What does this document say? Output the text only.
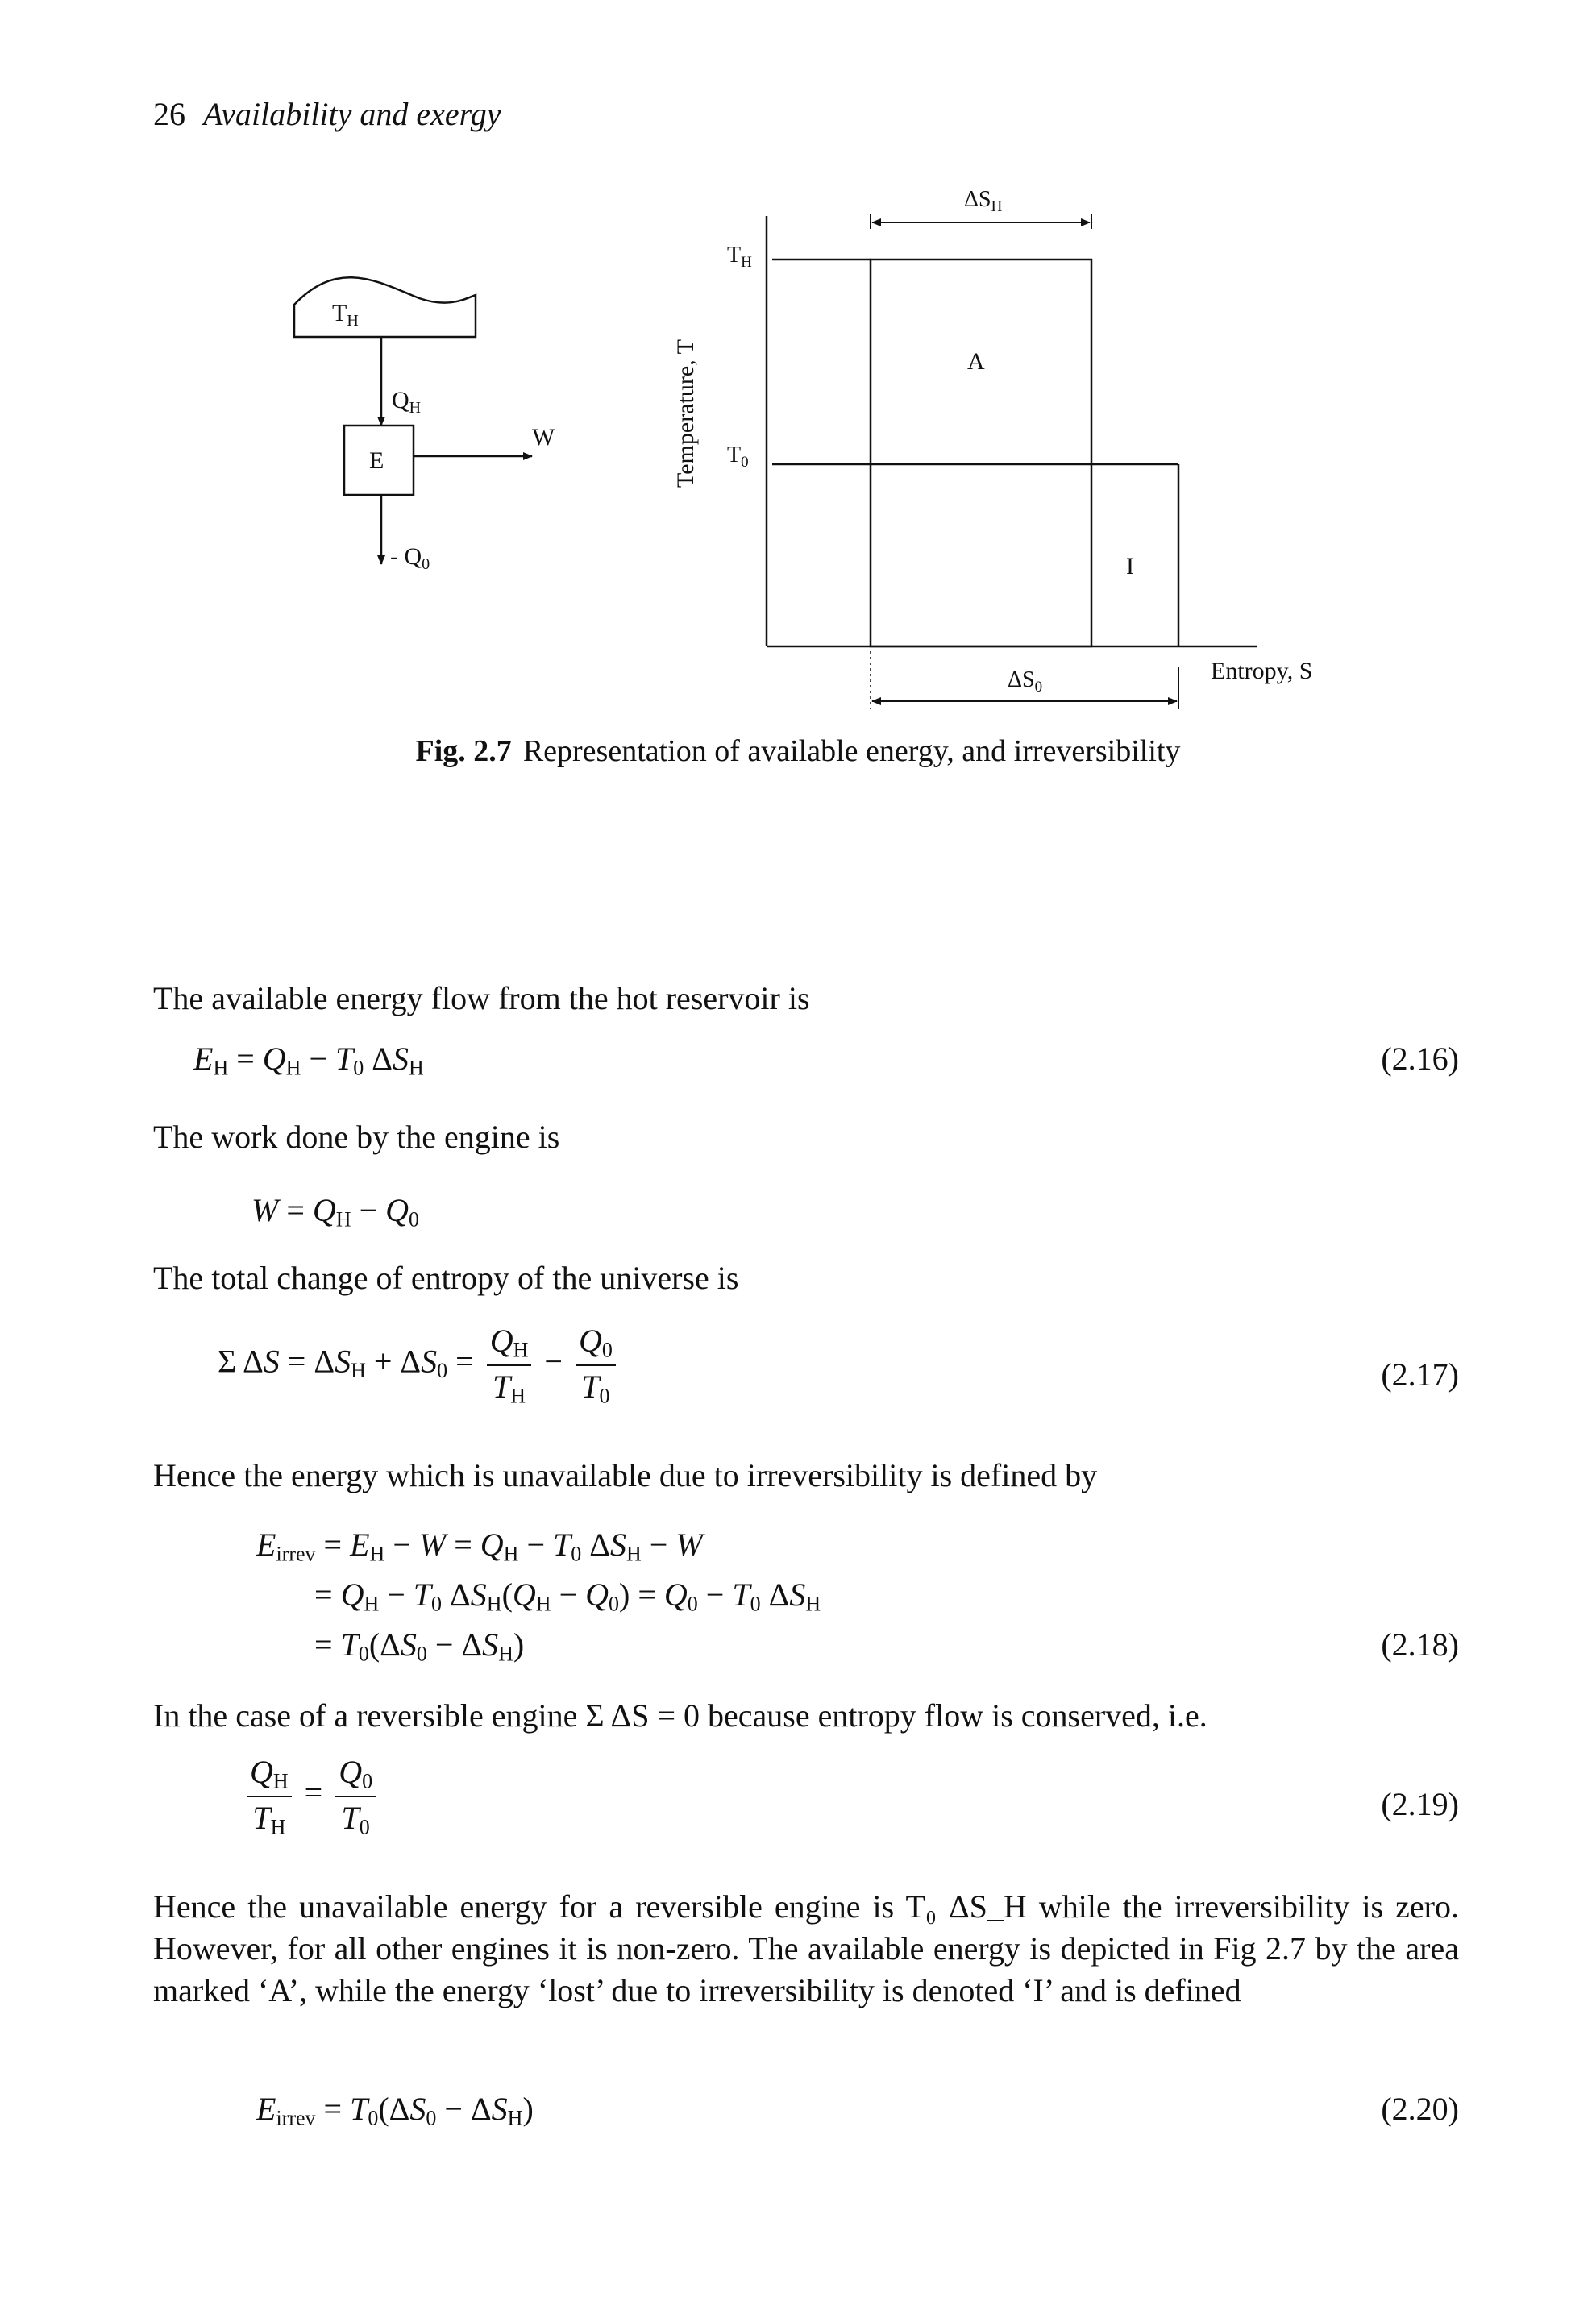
26 Availability and exergy
$T_H$
$Q_H$
E
W
- $Q_0$
Temperature, T
Entropy, S
$T_H$
$T_0$
A
I
$\Delta S_H$
$\Delta S_0$
Fig. 2.7 Representation of available energy, and irreversibility
The available energy flow from the hot reservoir is
$E_H = Q_H - T_0$ $\Delta S_H$	(2.16)
The work done by the engine is
$W = Q_H - Q_0$
The total change of entropy of the universe is
Σ $\Delta S = \Delta S_H + \Delta S_0 = \frac{Q_H}{T_H} - \frac{Q_0}{T_0}$	(2.17)
Hence the energy which is unavailable due to irreversibility is defined by
$E_{irrev} = E_H - W = Q_H - T_0$ $\Delta S_H - W$
= $Q_H - T_0$ $\Delta S_H(Q_H - Q_0) = Q_0 - T_0$ $\Delta S_H$
= $T_0(\Delta S_0 - \Delta S_H)$	(2.18)
In the case of a reversible engine Σ ΔS = 0 because entropy flow is conserved, i.e.
$\frac{Q_H}{T_H} = \frac{Q_0}{T_0}$	(2.19)
Hence the unavailable energy for a reversible engine is T₀ ΔS_H while the irreversibility is zero. However, for all other engines it is non-zero. The available energy is depicted in Fig 2.7 by the area marked ‘A’, while the energy ‘lost’ due to irreversibility is denoted ‘I’ and is defined
$E_{irrev} = T_0(\Delta S_0 - \Delta S_H)$	(2.20)
